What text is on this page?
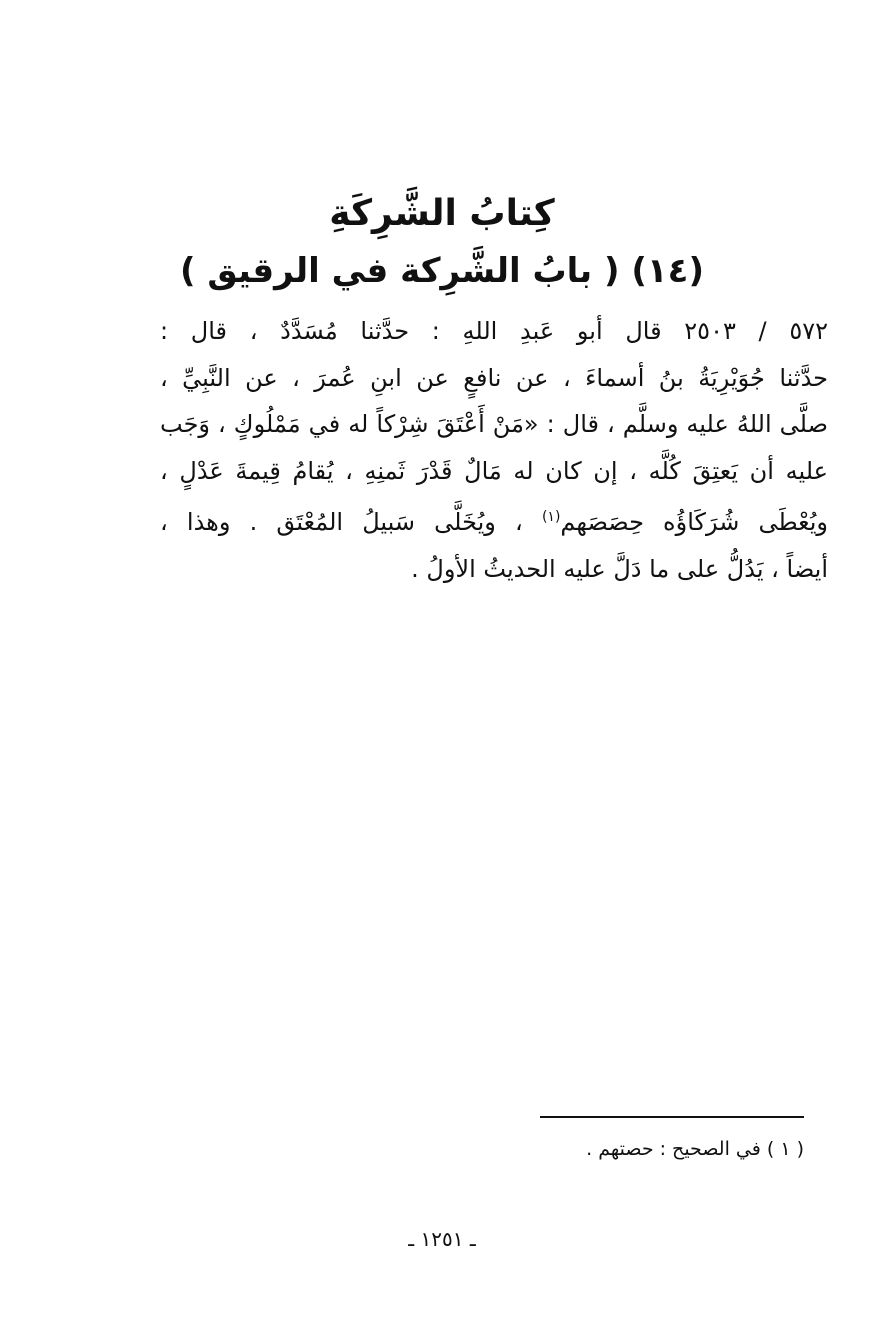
كِتابُ الشَّرِكَةِ
(١٤) ( بابُ الشَّرِكة في الرقيق )
٥٧٢ / ٢٥٠٣ قال أبو عَبدِ اللهِ : حدَّثنا مُسَدَّدٌ ، قال :
حدَّثنا جُوَيْرِيَةُ بنُ أسماءَ ، عن نافعٍ عن ابنِ عُمرَ ، عن النَّبِيِّ ،
صلَّى اللهُ عليه وسلَّم ، قال : «مَنْ أَعْتَقَ شِرْكاً له في مَمْلُوكٍ ، وَجَب
عليه أن يَعتِقَ كُلَّه ، إن كان له مَالٌ قَدْرَ ثَمنِهِ ، يُقامُ قِيمةَ عَدْلٍ ،
ويُعْطَى شُرَكَاؤُه حِصَصَهم$^{(١)}$ ، ويُخَلَّى سَبيلُ المُعْتَق . وهذا ،
أيضاً ، يَدُلُّ على ما دَلَّ عليه الحديثُ الأولُ .
( ١ ) في الصحيح : حصتهم .
ـ ١٢٥١ ـ
